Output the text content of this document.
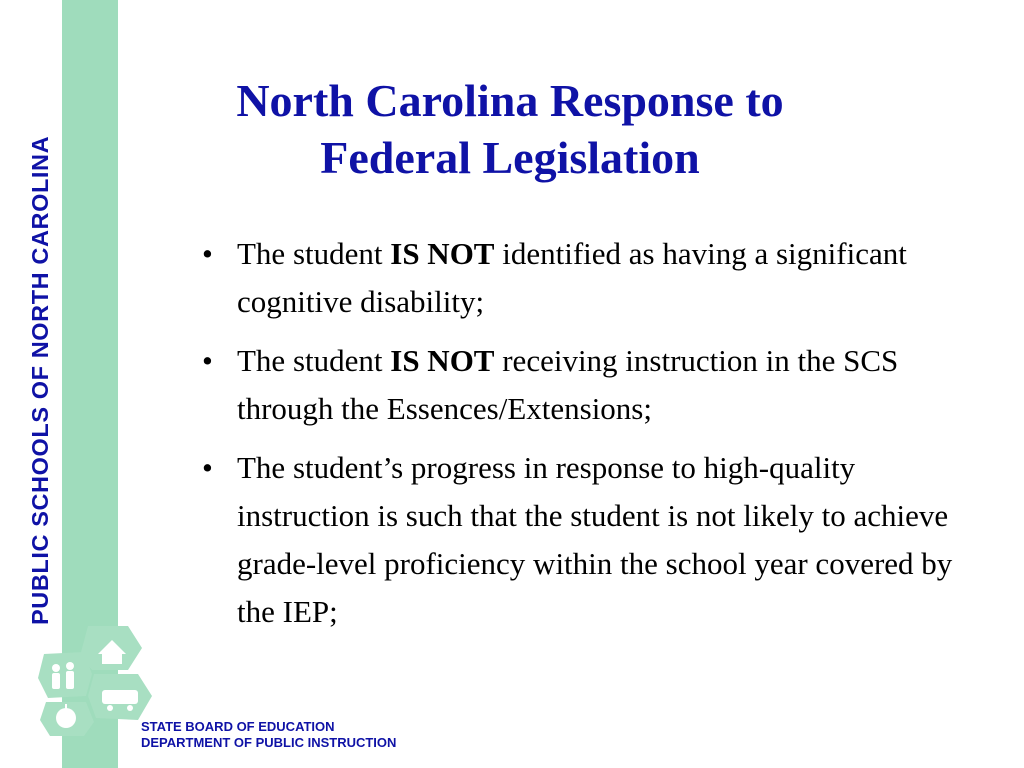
PUBLIC SCHOOLS OF NORTH CAROLINA
North Carolina Response to
Federal Legislation
• The student IS NOT identified as having a significant cognitive disability;
• The student IS NOT receiving instruction in the SCS through the Essences/Extensions;
• The student’s progress in response to high-quality instruction is such that the student is not likely to achieve grade-level proficiency within the school year covered by the IEP;
STATE BOARD OF EDUCATION
DEPARTMENT OF PUBLIC INSTRUCTION
